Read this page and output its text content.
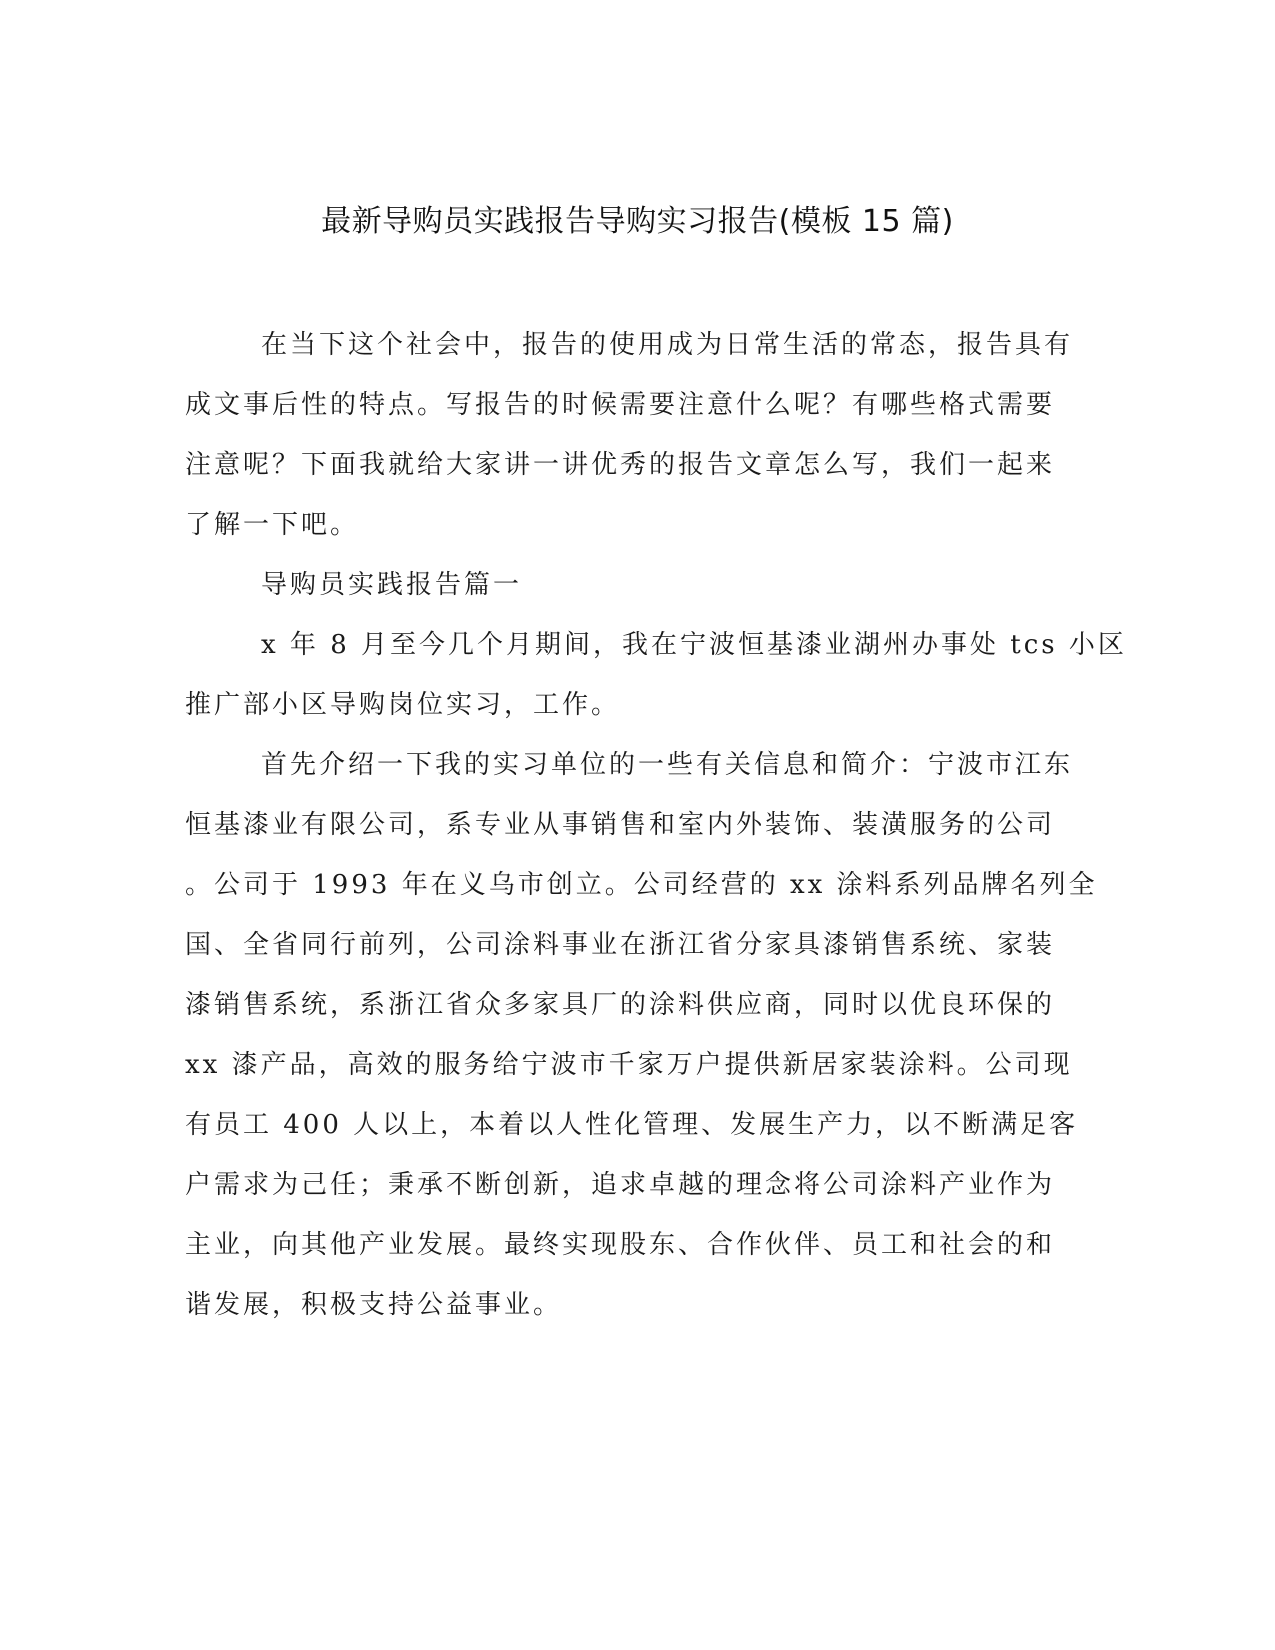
最新导购员实践报告导购实习报告(模板 15 篇)
在当下这个社会中，报告的使用成为日常生活的常态，报告具有
成文事后性的特点。写报告的时候需要注意什么呢？有哪些格式需要
注意呢？下面我就给大家讲一讲优秀的报告文章怎么写，我们一起来
了解一下吧。
导购员实践报告篇一
x 年 8 月至今几个月期间，我在宁波恒基漆业湖州办事处 tcs 小区
推广部小区导购岗位实习，工作。
首先介绍一下我的实习单位的一些有关信息和简介：宁波市江东
恒基漆业有限公司，系专业从事销售和室内外装饰、装潢服务的公司
。公司于 1993 年在义乌市创立。公司经营的 xx 涂料系列品牌名列全
国、全省同行前列，公司涂料事业在浙江省分家具漆销售系统、家装
漆销售系统，系浙江省众多家具厂的涂料供应商，同时以优良环保的
xx 漆产品，高效的服务给宁波市千家万户提供新居家装涂料。公司现
有员工 400 人以上，本着以人性化管理、发展生产力，以不断满足客
户需求为己任；秉承不断创新，追求卓越的理念将公司涂料产业作为
主业，向其他产业发展。最终实现股东、合作伙伴、员工和社会的和
谐发展，积极支持公益事业。
